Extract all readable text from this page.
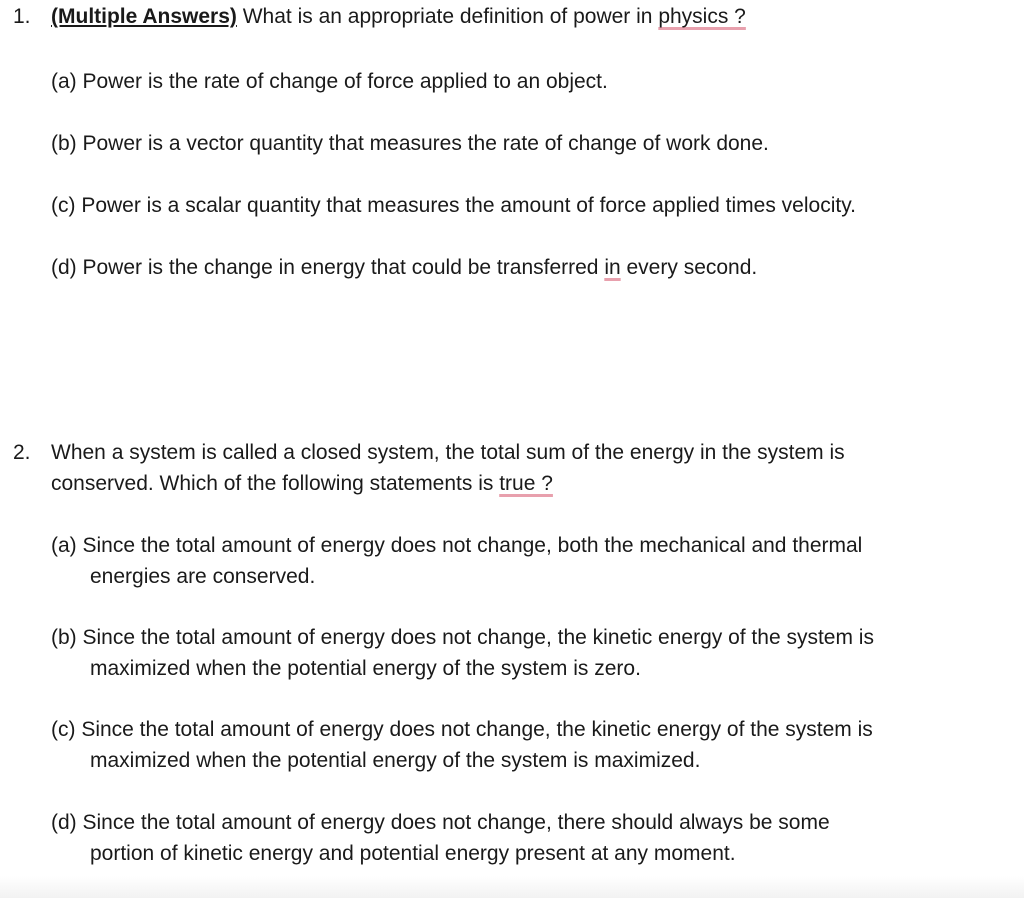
1. (Multiple Answers) What is an appropriate definition of power in physics ?
(a) Power is the rate of change of force applied to an object.
(b) Power is a vector quantity that measures the rate of change of work done.
(c) Power is a scalar quantity that measures the amount of force applied times velocity.
(d) Power is the change in energy that could be transferred in every second.
2. When a system is called a closed system, the total sum of the energy in the system is
conserved. Which of the following statements is true ?
(a) Since the total amount of energy does not change, both the mechanical and thermal
energies are conserved.
(b) Since the total amount of energy does not change, the kinetic energy of the system is
maximized when the potential energy of the system is zero.
(c) Since the total amount of energy does not change, the kinetic energy of the system is
maximized when the potential energy of the system is maximized.
(d) Since the total amount of energy does not change, there should always be some
portion of kinetic energy and potential energy present at any moment.
